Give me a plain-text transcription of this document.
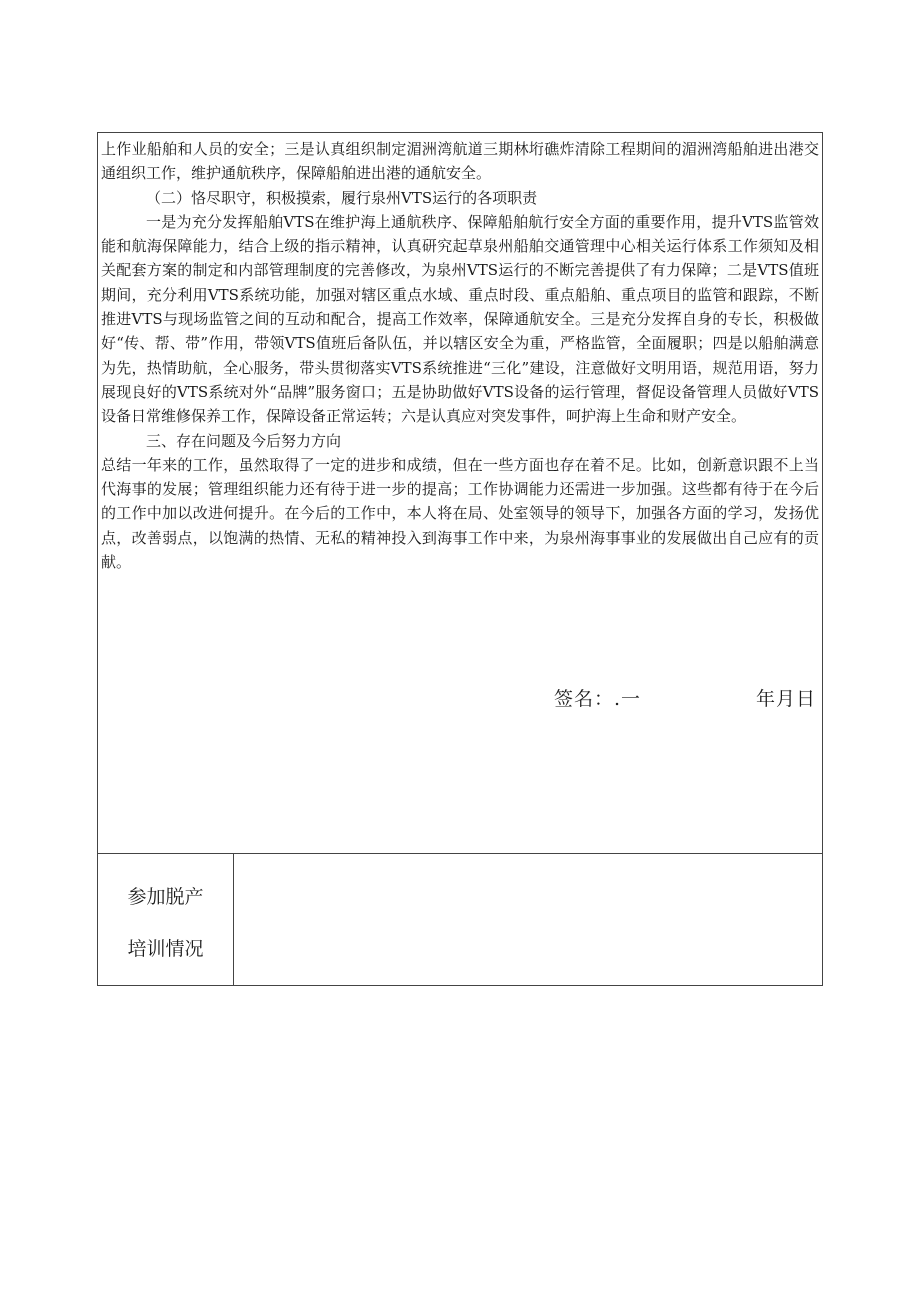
上作业船舶和人员的安全；三是认真组织制定湄洲湾航道三期林垳礁炸清除工程期间的湄洲湾船舶进出港交通组织工作，维护通航秩序，保障船舶进出港的通航安全。

（二）恪尽职守，积极摸索，履行泉州VTS运行的各项职责

一是为充分发挥船舶VTS在维护海上通航秩序、保障船舶航行安全方面的重要作用，提升VTS监管效能和航海保障能力，结合上级的指示精神，认真研究起草泉州船舶交通管理中心相关运行体系工作须知及相关配套方案的制定和内部管理制度的完善修改，为泉州VTS运行的不断完善提供了有力保障；二是VTS值班期间，充分利用VTS系统功能，加强对辖区重点水域、重点时段、重点船舶、重点项目的监管和跟踪，不断推进VTS与现场监管之间的互动和配合，提高工作效率，保障通航安全。三是充分发挥自身的专长，积极做好“传、帮、带”作用，带领VTS值班后备队伍，并以辖区安全为重，严格监管，全面履职；四是以船舶满意为先，热情助航，全心服务，带头贯彻落实VTS系统推进“三化”建设，注意做好文明用语，规范用语，努力展现良好的VTS系统对外“品牌”服务窗口；五是协助做好VTS设备的运行管理，督促设备管理人员做好VTS设备日常维修保养工作，保障设备正常运转；六是认真应对突发事件，呵护海上生命和财产安全。

三、存在问题及今后努力方向

总结一年来的工作，虽然取得了一定的进步和成绩，但在一些方面也存在着不足。比如，创新意识跟不上当代海事的发展；管理组织能力还有待于进一步的提高；工作协调能力还需进一步加强。这些都有待于在今后的工作中加以改进何提升。在今后的工作中，本人将在局、处室领导的领导下，加强各方面的学习，发扬优点，改善弱点，以饱满的热情、无私的精神投入到海事工作中来，为泉州海事事业的发展做出自己应有的贡献。

签名：.一	年月日
参加脱产
培训情况
